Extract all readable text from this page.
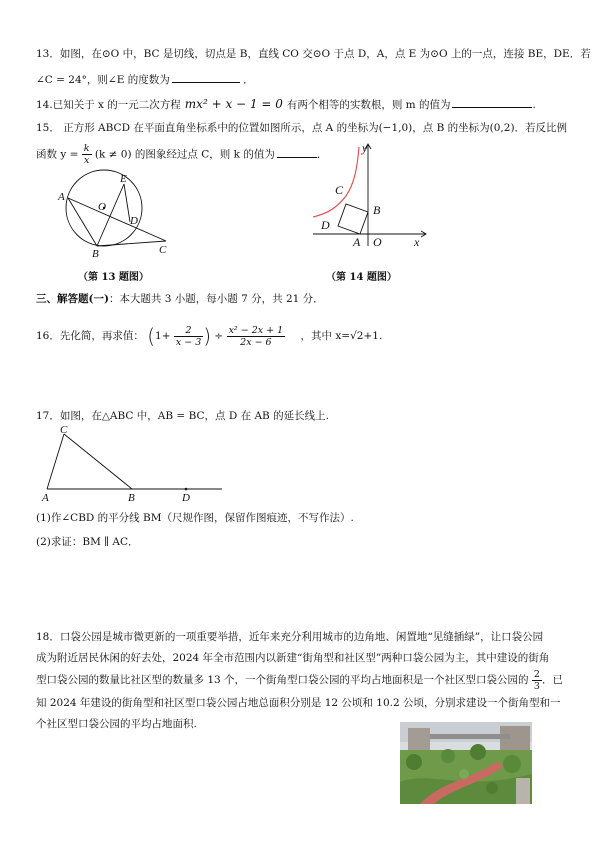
13．如图，在⊙O 中，BC 是切线，切点是 B，直线 CO 交⊙O 于点 D，A，点 E 为⊙O 上的一点，连接 BE，DE．若
∠C = 24°，则∠E 的度数为	．
14.已知关于 x 的一元二次方程 mx² + x − 1 = 0 有两个相等的实数根，则 m 的值为	.
15． 正方形 ABCD 在平面直角坐标系中的位置如图所示，点 A 的坐标为(−1,0)，点 B 的坐标为(0,2)．若反比例
函数 $y = \frac{k}{x} (k \ne 0)$ 的图象经过点 C，则 k 的值为	．
A
E
O
D
B	C
（第 13 题图）
y
C
B
D
A O	x
（第 14 题图）
三、解答题(一)：本大题共 3 小题，每小题 7 分，共 21 分．
16．先化简，再求值： ($1+ \frac{2}{x - 3}$ ) ÷ $\frac{\text{x² − 2x + 1}}{2x - 6}$ ，其中 x=√2+1.
17．如图，在△ABC 中，AB = BC，点 D 在 AB 的延长线上.
C
A	B	D
(1)作∠CBD 的平分线 BM（尺规作图，保留作图痕迹，不写作法）.
(2)求证：BM ∥ AC．
18．口袋公园是城市微更新的一项重要举措，近年来充分利用城市的边角地、闲置地“见缝插绿”，让口袋公园
成为附近居民休闲的好去处，2024 年全市范围内以新建“街角型和社区型”两种口袋公园为主，其中建设的街角
型口袋公园的数量比社区型的数量多 13 个，一个街角型口袋公园的平均占地面积是一个社区型口袋公园的 $\frac{2}{3}$ ．已
知 2024 年建设的街角型和社区型口袋公园占地总面积分别是 12 公顷和 10.2 公顷，分别求建设一个街角型和一
个社区型口袋公园的平均占地面积.
